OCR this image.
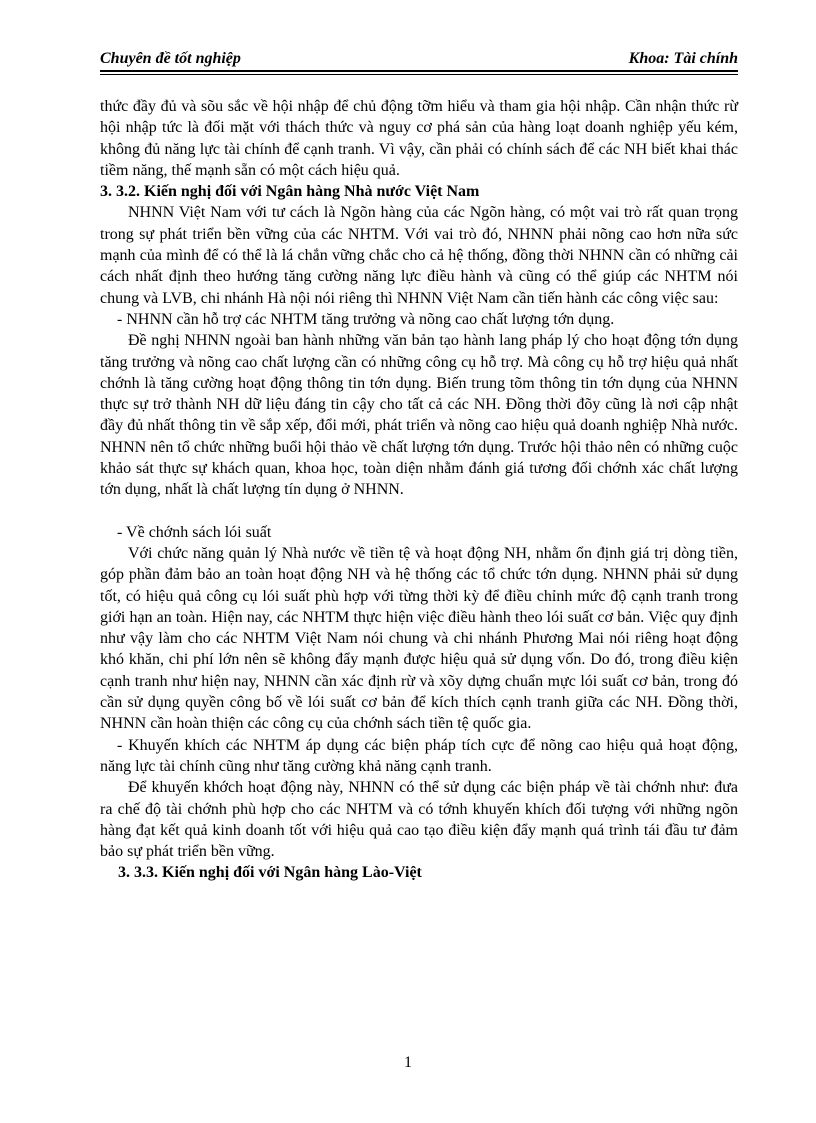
Chuyên đề tốt nghiệp	Khoa: Tài chính

thức đầy đủ và sõu sắc về hội nhập để chủ động tỡm hiểu và tham gia hội nhập. Cần nhận thức rừ hội nhập tức là đối mặt với thách thức và nguy cơ phá sản của hàng loạt doanh nghiệp yếu kém, không đủ năng lực tài chính để cạnh tranh. Vì vậy, cần phải có chính sách để các NH biết khai thác tiềm năng, thế mạnh sẵn có một cách hiệu quả.

3. 3.2. Kiến nghị đối với Ngân hàng Nhà nước Việt Nam

NHNN Việt Nam với tư cách là Ngõn hàng của các Ngõn hàng, có một vai trò rất quan trọng trong sự phát triển bền vững của các NHTM. Với vai trò đó, NHNN phải nõng cao hơn nữa sức mạnh của mình để có thể là lá chắn vững chắc cho cả hệ thống, đồng thời NHNN cần có những cải cách nhất định theo hướng tăng cường năng lực điều hành và cũng có thể giúp các NHTM nói chung và LVB, chi nhánh Hà nội nói riêng thì NHNN Việt Nam cần tiến hành các công việc sau:

- NHNN cần hỗ trợ các NHTM tăng trưởng và nõng cao chất lượng tớn dụng.

Đề nghị NHNN ngoài ban hành những văn bản tạo hành lang pháp lý cho hoạt động tớn dụng tăng trưởng và nõng cao chất lượng cần có những công cụ hỗ trợ. Mà công cụ hỗ trợ hiệu quả nhất chớnh là tăng cường hoạt động thông tin tớn dụng. Biến trung tõm thông tin tớn dụng của NHNN thực sự trở thành NH dữ liệu đáng tin cậy cho tất cả các NH. Đồng thời đõy cũng là nơi cập nhật đầy đủ nhất thông tin về sắp xếp, đổi mới, phát triển và nõng cao hiệu quả doanh nghiệp Nhà nước. NHNN nên tổ chức những buổi hội thảo về chất lượng tớn dụng. Trước hội thảo nên có những cuộc khảo sát thực sự khách quan, khoa học, toàn diện nhằm đánh giá tương đối chớnh xác chất lượng tớn dụng, nhất là chất lượng tín dụng ở NHNN.

- Về chớnh sách lói suất

Với chức năng quản lý Nhà nước về tiền tệ và hoạt động NH, nhằm ổn định giá trị dòng tiền, góp phần đảm bảo an toàn hoạt động NH và hệ thống các tổ chức tớn dụng. NHNN phải sử dụng tốt, có hiệu quả công cụ lói suất phù hợp với từng thời kỳ để điều chỉnh mức độ cạnh tranh trong giới hạn an toàn. Hiện nay, các NHTM thực hiện việc điều hành theo lói suất cơ bản. Việc quy định như vậy làm cho các NHTM Việt Nam nói chung và chi nhánh Phương Mai nói riêng hoạt động khó khăn, chi phí lớn nên sẽ không đẩy mạnh được hiệu quả sử dụng vốn. Do đó, trong điều kiện cạnh tranh như hiện nay, NHNN cần xác định rừ và xõy dựng chuẩn mực lói suất cơ bản, trong đó cần sử dụng quyền công bố về lói suất cơ bản để kích thích cạnh tranh giữa các NH. Đồng thời, NHNN cần hoàn thiện các công cụ của chớnh sách tiền tệ quốc gia.

- Khuyến khích các NHTM áp dụng các biện pháp tích cực để nõng cao hiệu quả hoạt động, năng lực tài chính cũng như tăng cường khả năng cạnh tranh.

Để khuyến khớch hoạt động này, NHNN có thể sử dụng các biện pháp về tài chớnh như: đưa ra chế độ tài chớnh phù hợp cho các NHTM và có tớnh khuyến khích đối tượng với những ngõn hàng đạt kết quả kinh doanh tốt với hiệu quả cao tạo điều kiện đẩy mạnh quá trình tái đầu tư đảm bảo sự phát triển bền vững.

3. 3.3. Kiến nghị đối với Ngân hàng Lào-Việt

1
